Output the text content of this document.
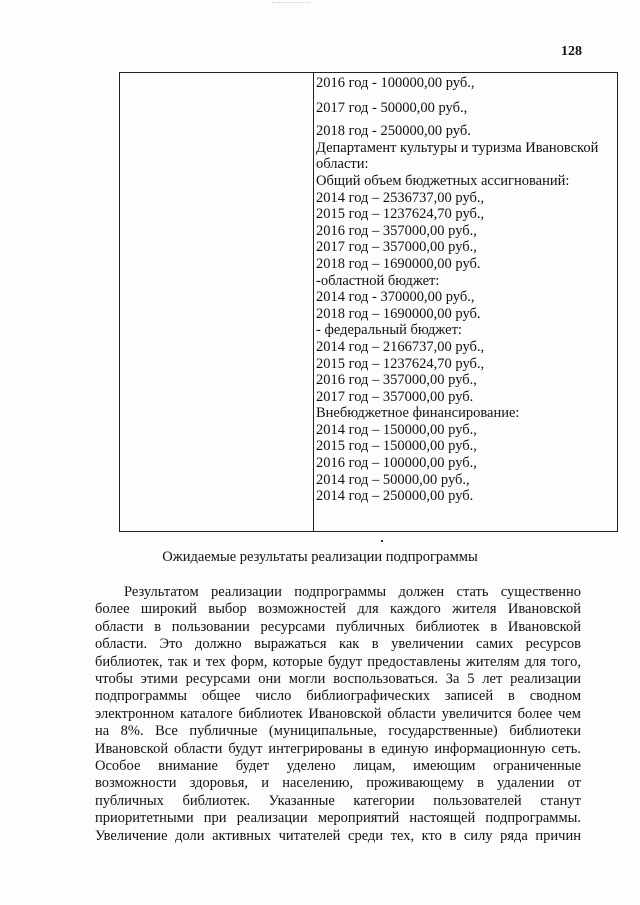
128
2016 год - 100000,00 руб.,
2017 год - 50000,00 руб.,
2018 год - 250000,00 руб.
Департамент культуры и туризма Ивановской
области:
Общий объем бюджетных ассигнований:
2014 год – 2536737,00 руб.,
2015 год – 1237624,70 руб.,
2016 год – 357000,00 руб.,
2017 год – 357000,00 руб.,
2018 год – 1690000,00 руб.
-областной бюджет:
2014 год - 370000,00 руб.,
2018 год – 1690000,00 руб.
- федеральный бюджет:
2014 год – 2166737,00 руб.,
2015 год – 1237624,70 руб.,
2016 год – 357000,00 руб.,
2017 год – 357000,00 руб.
Внебюджетное финансирование:
2014 год – 150000,00 руб.,
2015 год – 150000,00 руб.,
2016 год – 100000,00 руб.,
2014 год – 50000,00 руб.,
2014 год – 250000,00 руб.
Ожидаемые результаты реализации подпрограммы
Результатом реализации подпрограммы должен стать существенно
более широкий выбор возможностей для каждого жителя Ивановской
области в пользовании ресурсами публичных библиотек в Ивановской
области. Это должно выражаться как в увеличении самих ресурсов
библиотек, так и тех форм, которые будут предоставлены жителям для того,
чтобы этими ресурсами они могли воспользоваться. За 5 лет реализации
подпрограммы общее число библиографических записей в сводном
электронном каталоге библиотек Ивановской области увеличится более чем
на 8%. Все публичные (муниципальные, государственные) библиотеки
Ивановской области будут интегрированы в единую информационную сеть.
Особое внимание будет уделено лицам, имеющим ограниченные
возможности здоровья, и населению, проживающему в удалении от
публичных библиотек. Указанные категории пользователей станут
приоритетными при реализации мероприятий настоящей подпрограммы.
Увеличение доли активных читателей среди тех, кто в силу ряда причин
